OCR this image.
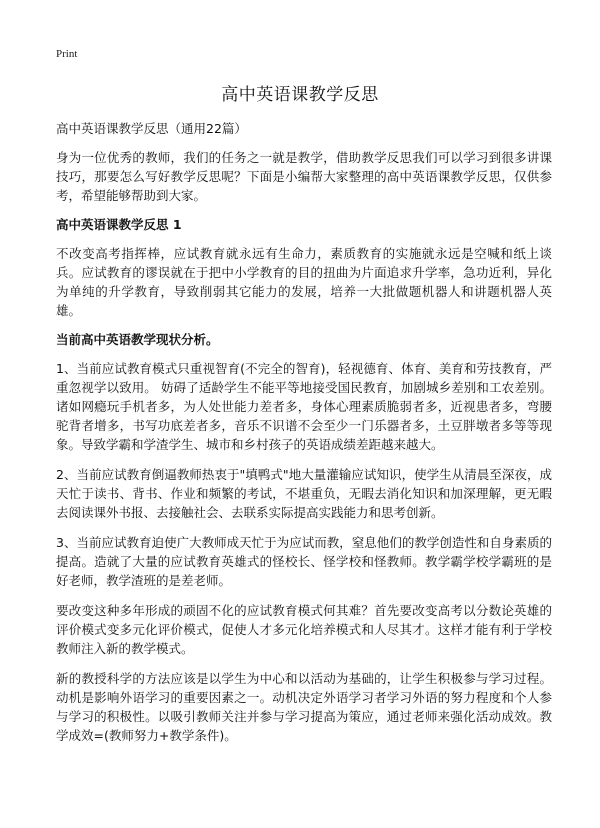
Print
高中英语课教学反思

高中英语课教学反思（通用22篇）

身为一位优秀的教师，我们的任务之一就是教学，借助教学反思我们可以学习到很多讲课技巧，那要怎么写好教学反思呢？下面是小编帮大家整理的高中英语课教学反思，仅供参考，希望能够帮助到大家。

高中英语课教学反思 1

不改变高考指挥棒，应试教育就永远有生命力，素质教育的实施就永远是空喊和纸上谈兵。应试教育的谬误就在于把中小学教育的目的扭曲为片面追求升学率，急功近利，异化为单纯的升学教育，导致削弱其它能力的发展，培养一大批做题机器人和讲题机器人英雄。

当前高中英语教学现状分析。

1、当前应试教育模式只重视智育(不完全的智育)，轻视德育、体育、美育和劳技教育，严重忽视学以致用。 妨碍了适龄学生不能平等地接受国民教育，加剧城乡差别和工农差别。诸如网瘾玩手机者多，为人处世能力差者多，身体心理素质脆弱者多，近视患者多，弯腰驼背者增多，书写功底差者多，音乐不识谱不会至少一门乐器者多，土豆胖墩者多等等现象。导致学霸和学渣学生、城市和乡村孩子的英语成绩差距越来越大。

2、当前应试教育倒逼教师热衷于"填鸭式"地大量灌输应试知识，使学生从清晨至深夜，成天忙于读书、背书、作业和频繁的考试，不堪重负，无暇去消化知识和加深理解，更无暇去阅读课外书报、去接触社会、去联系实际提高实践能力和思考创新。

3、当前应试教育迫使广大教师成天忙于为应试而教，窒息他们的教学创造性和自身素质的提高。造就了大量的应试教育英雄式的怪校长、怪学校和怪教师。教学霸学校学霸班的是好老师，教学渣班的是差老师。

要改变这种多年形成的顽固不化的应试教育模式何其难？首先要改变高考以分数论英雄的评价模式变多元化评价模式，促使人才多元化培养模式和人尽其才。这样才能有利于学校教师注入新的教学模式。

新的教授科学的方法应该是以学生为中心和以活动为基础的，让学生积极参与学习过程。动机是影响外语学习的重要因素之一。动机决定外语学习者学习外语的努力程度和个人参与学习的积极性。以吸引教师关注并参与学习提高为策应，通过老师来强化活动成效。教学成效=(教师努力+教学条件)。
